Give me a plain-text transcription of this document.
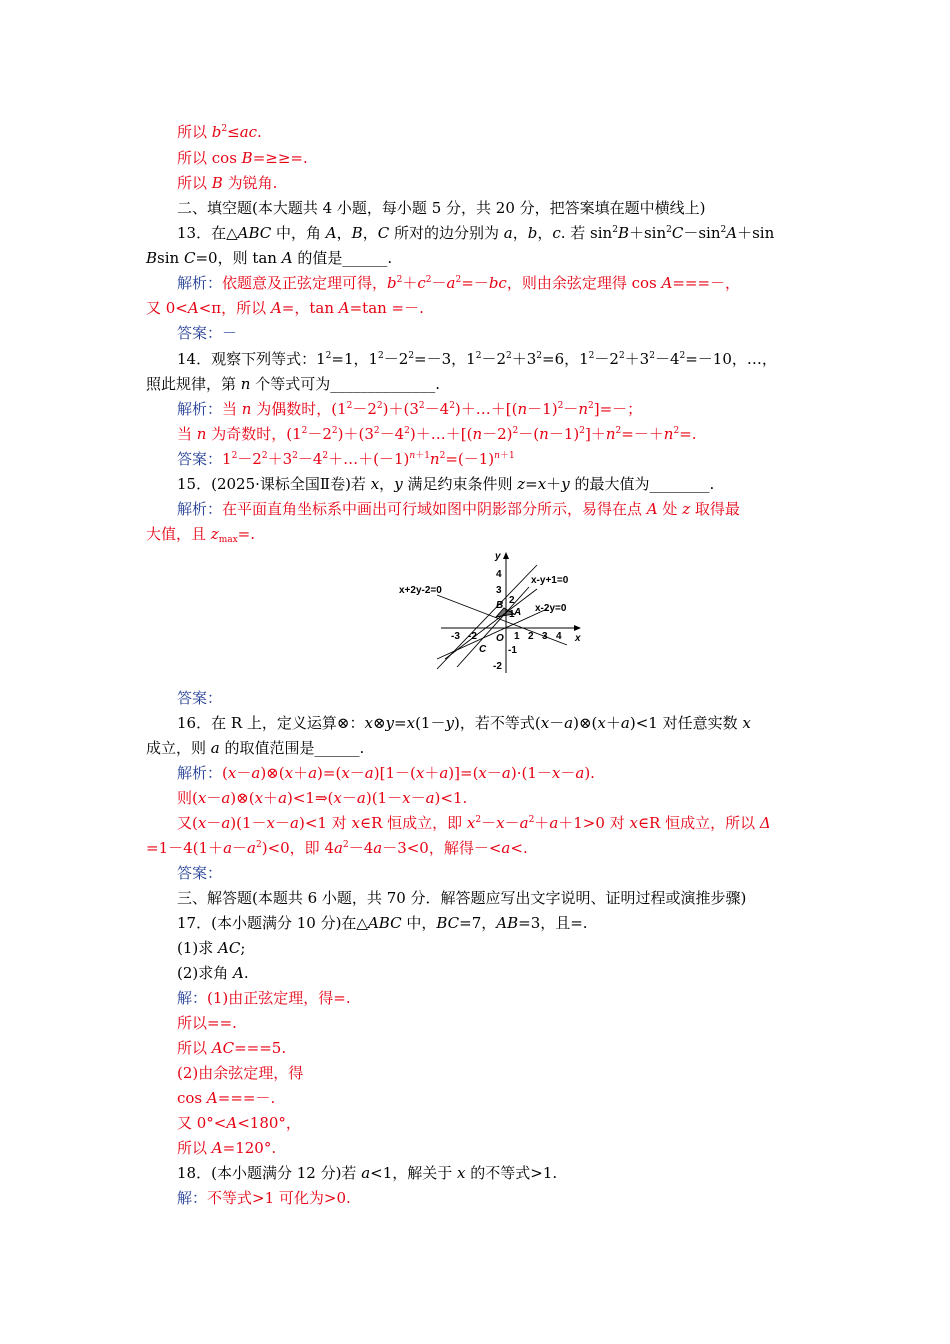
所以 $b^2\le ac$.
所以 cos B=≥≥=.
所以 B 为锐角.
二、填空题(本大题共 4 小题，每小题 5 分，共 20 分，把答案填在题中横线上)
13．在△ABC 中，角 A，B，C 所对的边分别为 a，b，c. 若 $\sin^2B+\sin^2C-\sin^2A+\sin$
Bsin C=0，则 tan A 的值是______.
解析：依题意及正弦定理可得，$b^2+c^2-a^2=-bc$，则由余弦定理得 cos A===－，
又 0<A<π，所以 A=，tan A=tan =－.
答案：－
14．观察下列等式：$1^2=1$，$1^2-2^2=-3$，$1^2-2^2+3^2=6$，$1^2-2^2+3^2-4^2=-10$，…，
照此规律，第 n 个等式可为______________.
解析：当 n 为偶数时，$(1^2-2^2)+(3^2-4^2)+\dots+[(n-1)^2-n^2]=-$；
当 n 为奇数时，$(1^2-2^2)+(3^2-4^2)+\dots+[(n-2)^2-(n-1)^2]+n^2=-+n^2=$.
答案：$1^2-2^2+3^2-4^2+\dots+(-1)^{n+1}n^2=(-1)^{n+1}$
15．(2025·课标全国Ⅱ卷)若 x，y 满足约束条件则 z=x＋y 的最大值为________.
解析：在平面直角坐标系中画出可行域如图中阴影部分所示，易得在点 A 处 z 取得最
大值，且 $z_{max}=$.
y
x
O
x+2y-2=0
x-y+1=0
x-2y=0
A
B
C
-3 -2	1 2 3 4
4
3
2
1
-1
-2
答案：
16．在 R 上，定义运算⊗：x⊗y=x(1－y)，若不等式(x－a)⊗(x＋a)<1 对任意实数 x
成立，则 a 的取值范围是______.
解析：(x－a)⊗(x＋a)=(x－a)[1－(x＋a)]=(x－a)·(1－x－a).
则(x－a)⊗(x＋a)<1⇒(x－a)(1－x－a)<1.
又(x－a)(1－x－a)<1 对 x∈R 恒成立，即 $x^2-x-a^2+a+1>0$ 对 x∈R 恒成立，所以 Δ
$=1-4(1+a-a^2)<0$，即 $4a^2-4a-3<0$，解得－<a<.
答案：
三、解答题(本题共 6 小题，共 70 分．解答题应写出文字说明、证明过程或演推步骤)
17．(本小题满分 10 分)在△ABC 中，BC=7，AB=3，且=.
(1)求 AC;
(2)求角 A.
解：(1)由正弦定理，得=.
所以==.
所以 AC===5.
(2)由余弦定理，得
cos A===－.
又 0°<A<180°，
所以 A=120°.
18．(本小题满分 12 分)若 a<1，解关于 x 的不等式>1.
解：不等式>1 可化为>0.
